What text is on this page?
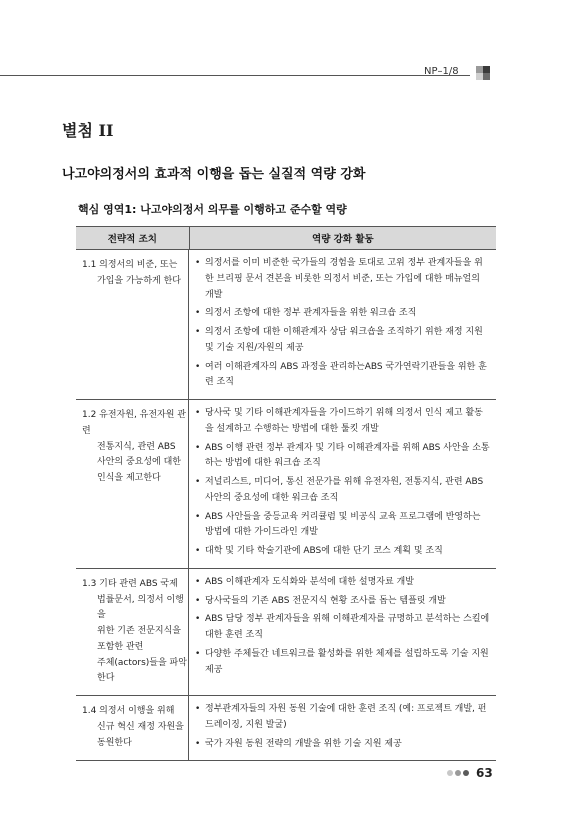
NP–1/8
별첨 II
나고야의정서의 효과적 이행을 돕는 실질적 역량 강화
핵심 영역1: 나고야의정서 의무를 이행하고 준수할 역량
전략적 조치	역량 강화 활동
1.1 의정서의 비준, 또는
가입을 가능하게 한다
• 의정서를 이미 비준한 국가들의 경험을 토대로 고위 정부 관계자들을 위한 브리핑 문서 견본을 비롯한 의정서 비준, 또는 가입에 대한 매뉴얼의 개발
• 의정서 조항에 대한 정부 관계자들을 위한 워크숍 조직
• 의정서 조항에 대한 이해관계자 상담 워크숍을 조직하기 위한 재정 지원 및 기술 지원/자원의 제공
• 여러 이해관계자의 ABS 과정을 관리하는ABS 국가연락기관들을 위한 훈련 조직
1.2 유전자원, 유전자원 관련
전통지식, 관련 ABS
사안의 중요성에 대한
인식을 제고한다
• 당사국 및 기타 이해관계자들을 가이드하기 위해 의정서 인식 제고 활동을 설계하고 수행하는 방법에 대한 툴킷 개발
• ABS 이행 관련 정부 관계자 및 기타 이해관계자를 위해 ABS 사안을 소통하는 방법에 대한 워크숍 조직
• 저널리스트, 미디어, 통신 전문가를 위해 유전자원, 전통지식, 관련 ABS 사안의 중요성에 대한 워크숍 조직
• ABS 사안들을 중등교육 커리큘럼 및 비공식 교육 프로그램에 반영하는 방법에 대한 가이드라인 개발
• 대학 및 기타 학술기관에 ABS에 대한 단기 코스 계획 및 조직
1.3 기타 관련 ABS 국제
법률문서, 의정서 이행을
위한 기존 전문지식을
포함한 관련
주체(actors)들을 파악한다
• ABS 이해관계자 도식화와 분석에 대한 설명자료 개발
• 당사국들의 기존 ABS 전문지식 현황 조사를 돕는 템플릿 개발
• ABS 담당 정부 관계자들을 위해 이해관계자를 규명하고 분석하는 스킬에 대한 훈련 조직
• 다양한 주체들간 네트워크를 활성화를 위한 체제를 설립하도록 기술 지원 제공
1.4 의정서 이행을 위해
신규 혁신 재정 자원을
동원한다
• 정부관계자들의 자원 동원 기술에 대한 훈련 조직 (예: 프로젝트 개발, 펀드레이징, 지원 발굴)
• 국가 자원 동원 전략의 개발을 위한 기술 지원 제공
63
